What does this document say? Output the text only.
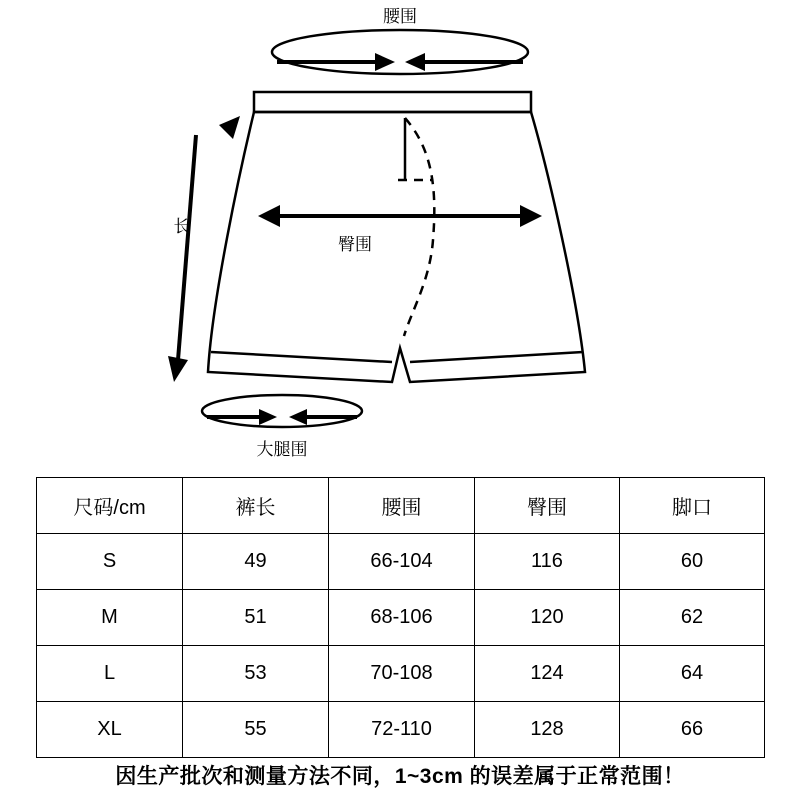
腰围
臀围
长
大腿围
尺码/cm	裤长	腰围	臀围	脚口
S	49	66-104	116	60
M	51	68-106	120	62
L	53	70-108	124	64
XL	55	72-110	128	66
因生产批次和测量方法不同，1~3cm 的误差属于正常范围！
